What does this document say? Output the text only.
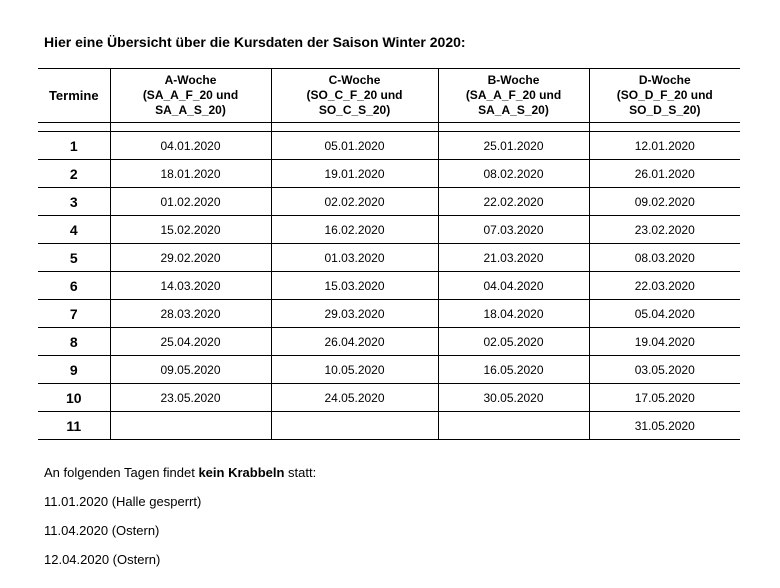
Hier eine Übersicht über die Kursdaten der Saison Winter 2020:
Termine	A-Woche
(SA_A_F_20 und
SA_A_S_20)	C-Woche
(SO_C_F_20 und
SO_C_S_20)	B-Woche
(SA_A_F_20 und
SA_A_S_20)	D-Woche
(SO_D_F_20 und
SO_D_S_20)

1	04.01.2020	05.01.2020	25.01.2020	12.01.2020
2	18.01.2020	19.01.2020	08.02.2020	26.01.2020
3	01.02.2020	02.02.2020	22.02.2020	09.02.2020
4	15.02.2020	16.02.2020	07.03.2020	23.02.2020
5	29.02.2020	01.03.2020	21.03.2020	08.03.2020
6	14.03.2020	15.03.2020	04.04.2020	22.03.2020
7	28.03.2020	29.03.2020	18.04.2020	05.04.2020
8	25.04.2020	26.04.2020	02.05.2020	19.04.2020
9	09.05.2020	10.05.2020	16.05.2020	03.05.2020
10	23.05.2020	24.05.2020	30.05.2020	17.05.2020
11				31.05.2020
An folgenden Tagen findet kein Krabbeln statt:
11.01.2020 (Halle gesperrt)
11.04.2020 (Ostern)
12.04.2020 (Ostern)
